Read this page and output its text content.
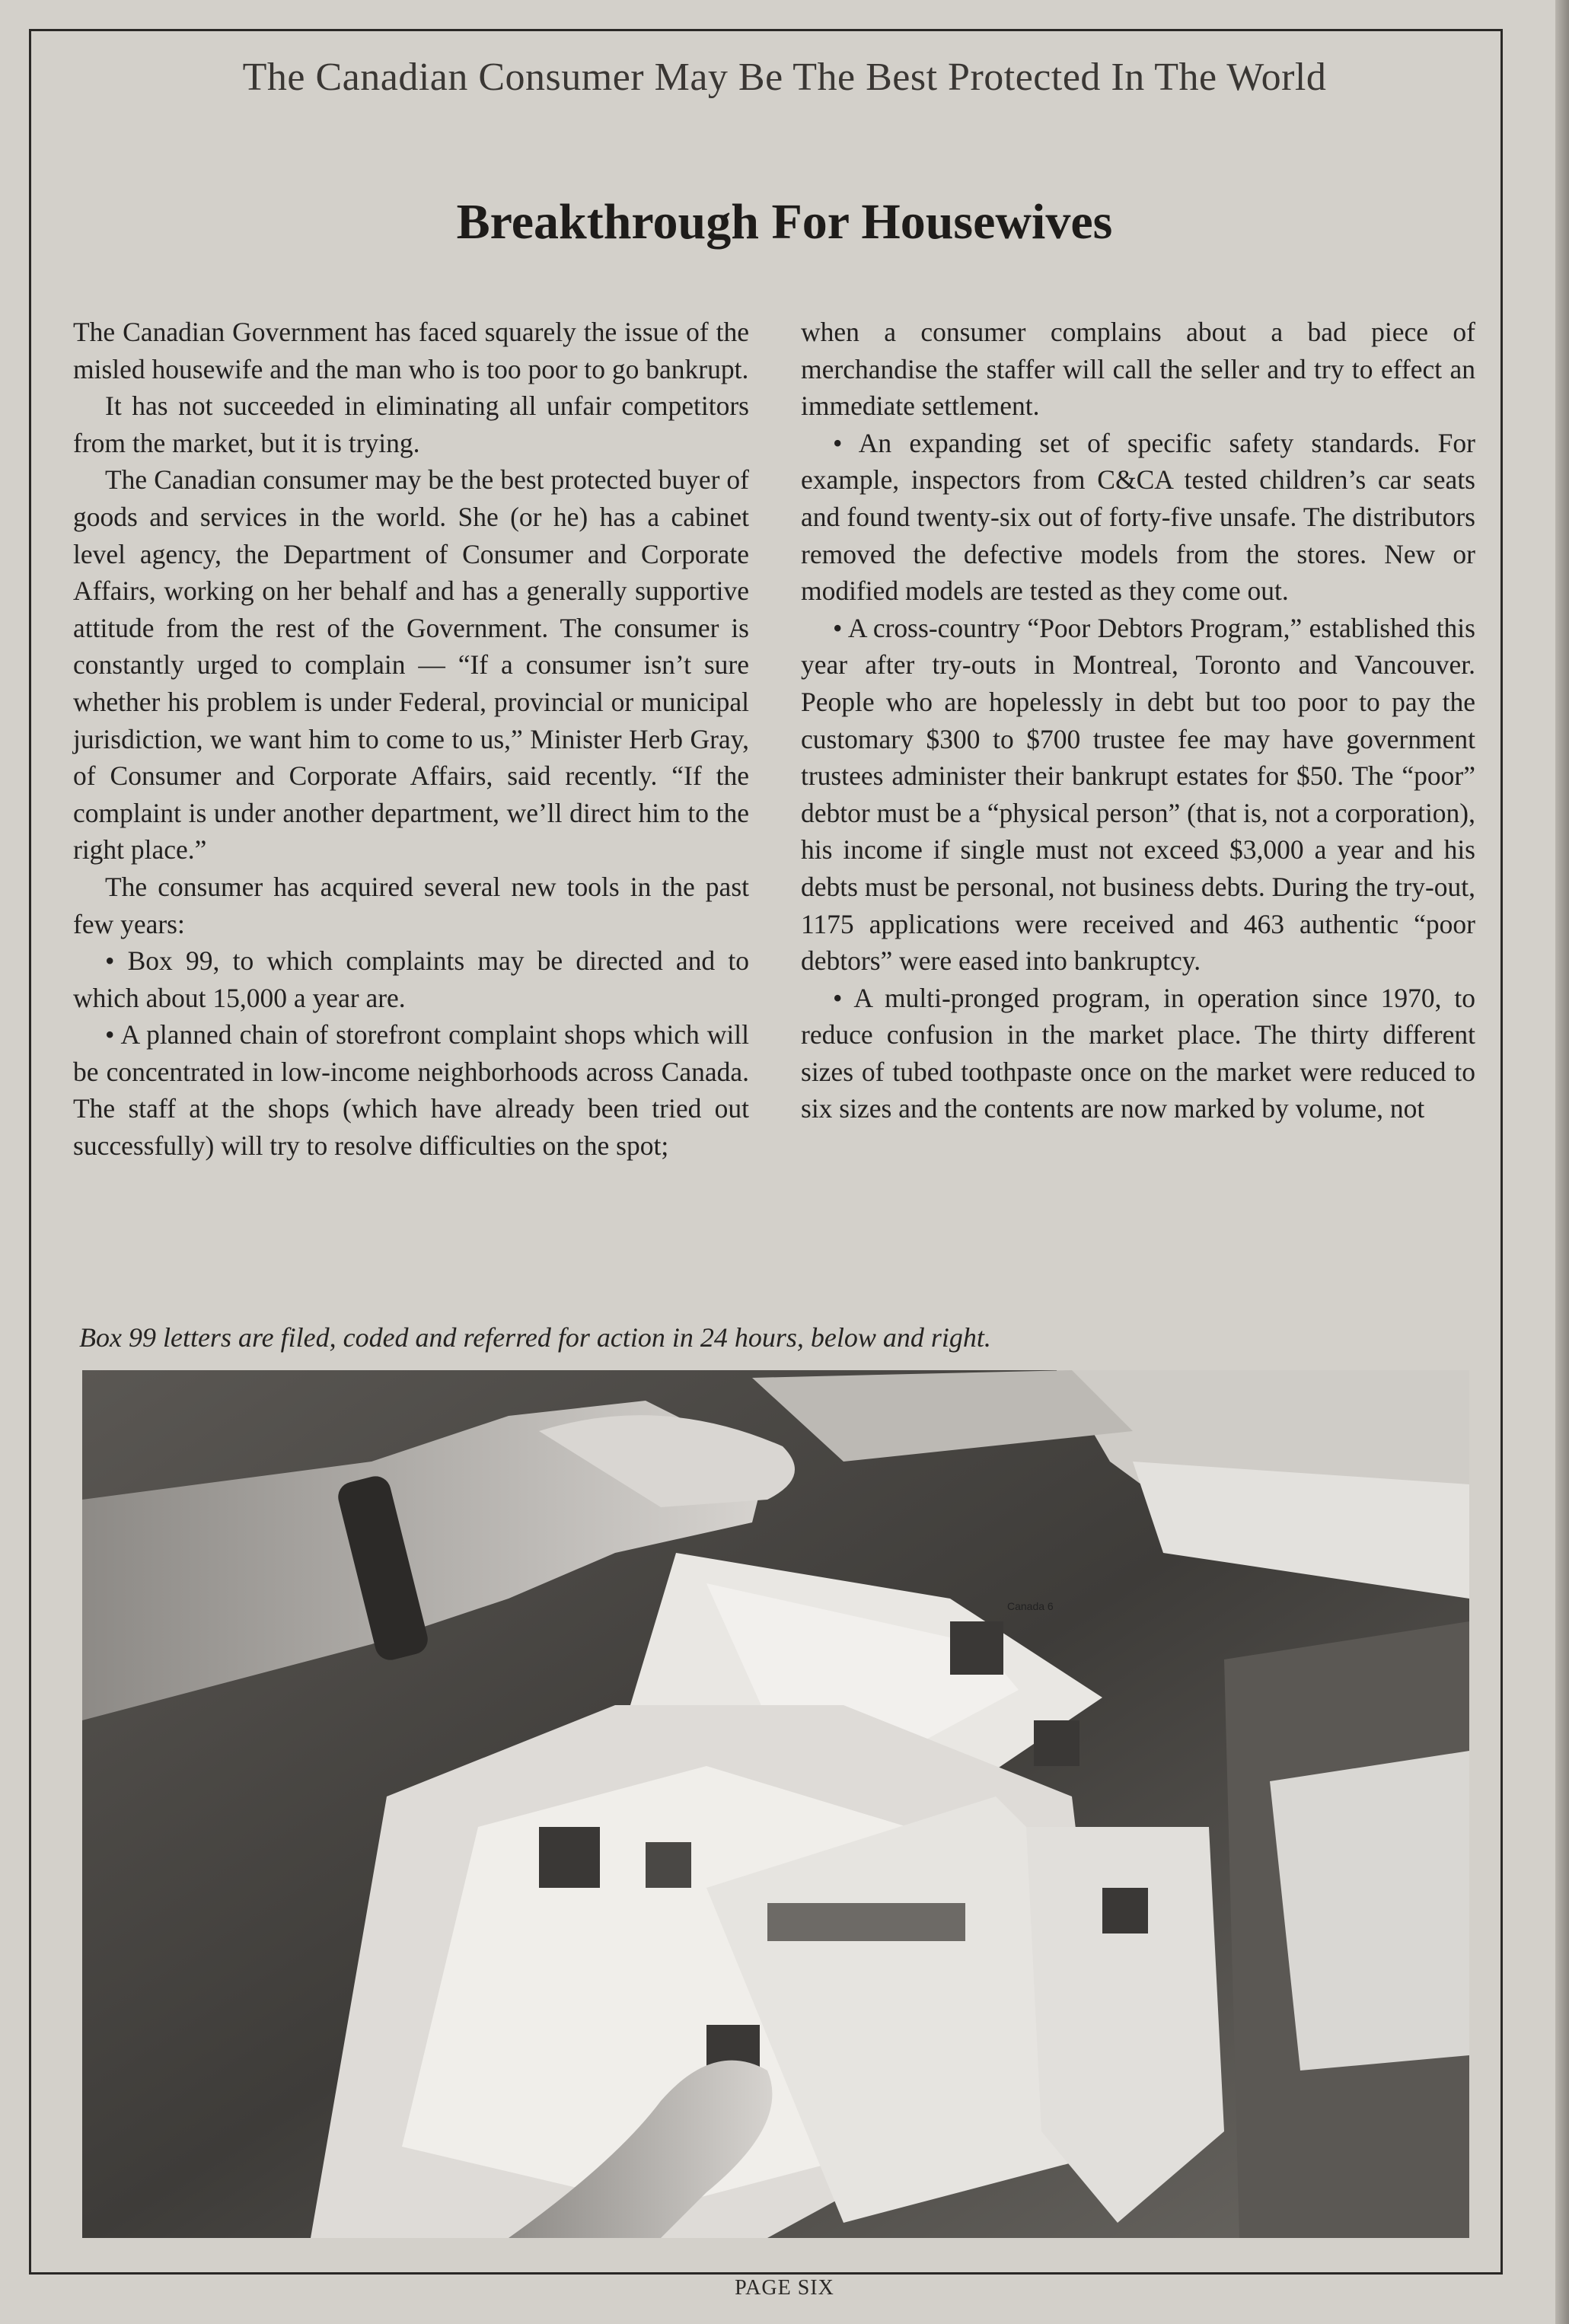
The Canadian Consumer May Be The Best Protected In The World
Breakthrough For Housewives

The Canadian Government has faced squarely the issue of the misled housewife and the man who is too poor to go bankrupt.

It has not succeeded in eliminating all unfair competitors from the market, but it is trying.

The Canadian consumer may be the best protected buyer of goods and services in the world. She (or he) has a cabinet level agency, the Department of Consumer and Corporate Affairs, working on her behalf and has a generally supportive attitude from the rest of the Government. The consumer is constantly urged to complain — “If a consumer isn’t sure whether his problem is under Federal, provincial or municipal jurisdiction, we want him to come to us,” Minister Herb Gray, of Consumer and Corporate Affairs, said recently. “If the complaint is under another department, we’ll direct him to the right place.”

The consumer has acquired several new tools in the past few years:

• Box 99, to which complaints may be directed and to which about 15,000 a year are.

• A planned chain of storefront complaint shops which will be concentrated in low-income neighborhoods across Canada. The staff at the shops (which have already been tried out successfully) will try to resolve difficulties on the spot;

when a consumer complains about a bad piece of merchandise the staffer will call the seller and try to effect an immediate settlement.

• An expanding set of specific safety standards. For example, inspectors from C&CA tested children’s car seats and found twenty-six out of forty-five unsafe. The distributors removed the defective models from the stores. New or modified models are tested as they come out.

• A cross-country “Poor Debtors Program,” established this year after try-outs in Montreal, Toronto and Vancouver. People who are hopelessly in debt but too poor to pay the customary $300 to $700 trustee fee may have government trustees administer their bankrupt estates for $50. The “poor” debtor must be a “physical person” (that is, not a corporation), his income if single must not exceed $3,000 a year and his debts must be personal, not business debts. During the try-out, 1175 applications were received and 463 authentic “poor debtors” were eased into bankruptcy.

• A multi-pronged program, in operation since 1970, to reduce confusion in the market place. The thirty different sizes of tubed toothpaste once on the market were reduced to six sizes and the contents are now marked by volume, not

Box 99 letters are filed, coded and referred for action in 24 hours, below and right.
Canada 6
PAGE SIX
